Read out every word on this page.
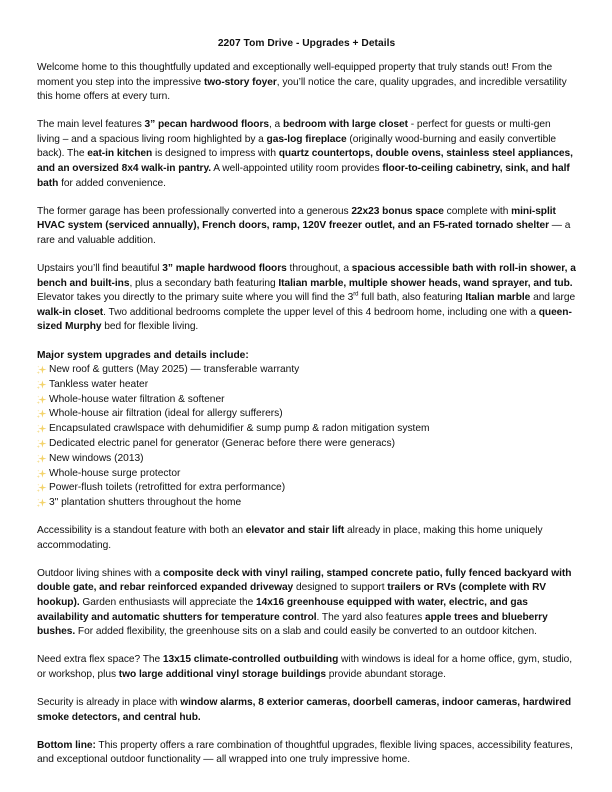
2207 Tom Drive - Upgrades + Details

Welcome home to this thoughtfully updated and exceptionally well-equipped property that truly stands out! From the moment you step into the impressive two-story foyer, you’ll notice the care, quality upgrades, and incredible versatility this home offers at every turn.

The main level features 3” pecan hardwood floors, a bedroom with large closet - perfect for guests or multi-gen living – and a spacious living room highlighted by a gas-log fireplace (originally wood-burning and easily convertible back). The eat-in kitchen is designed to impress with quartz countertops, double ovens, stainless steel appliances, and an oversized 8x4 walk-in pantry. A well-appointed utility room provides floor-to-ceiling cabinetry, sink, and half bath for added convenience.

The former garage has been professionally converted into a generous 22x23 bonus space complete with mini-split HVAC system (serviced annually), French doors, ramp, 120V freezer outlet, and an F5-rated tornado shelter — a rare and valuable addition.

Upstairs you’ll find beautiful 3” maple hardwood floors throughout, a spacious accessible bath with roll-in shower, a bench and built-ins, plus a secondary bath featuring Italian marble, multiple shower heads, wand sprayer, and tub. Elevator takes you directly to the primary suite where you will find the 3rd full bath, also featuring Italian marble and large walk-in closet. Two additional bedrooms complete the upper level of this 4 bedroom home, including one with a queen-sized Murphy bed for flexible living.

Major system upgrades and details include:
New roof & gutters (May 2025) — transferable warranty
Tankless water heater
Whole-house water filtration & softener
Whole-house air filtration (ideal for allergy sufferers)
Encapsulated crawlspace with dehumidifier & sump pump & radon mitigation system
Dedicated electric panel for generator (Generac before there were generacs)
New windows (2013)
Whole-house surge protector
Power-flush toilets (retrofitted for extra performance)
3" plantation shutters throughout the home

Accessibility is a standout feature with both an elevator and stair lift already in place, making this home uniquely accommodating.

Outdoor living shines with a composite deck with vinyl railing, stamped concrete patio, fully fenced backyard with double gate, and rebar reinforced expanded driveway designed to support trailers or RVs (complete with RV hookup). Garden enthusiasts will appreciate the 14x16 greenhouse equipped with water, electric, and gas availability and automatic shutters for temperature control. The yard also features apple trees and blueberry bushes. For added flexibility, the greenhouse sits on a slab and could easily be converted to an outdoor kitchen.

Need extra flex space? The 13x15 climate-controlled outbuilding with windows is ideal for a home office, gym, studio, or workshop, plus two large additional vinyl storage buildings provide abundant storage.

Security is already in place with window alarms, 8 exterior cameras, doorbell cameras, indoor cameras, hardwired smoke detectors, and central hub.

Bottom line: This property offers a rare combination of thoughtful upgrades, flexible living spaces, accessibility features, and exceptional outdoor functionality — all wrapped into one truly impressive home.
